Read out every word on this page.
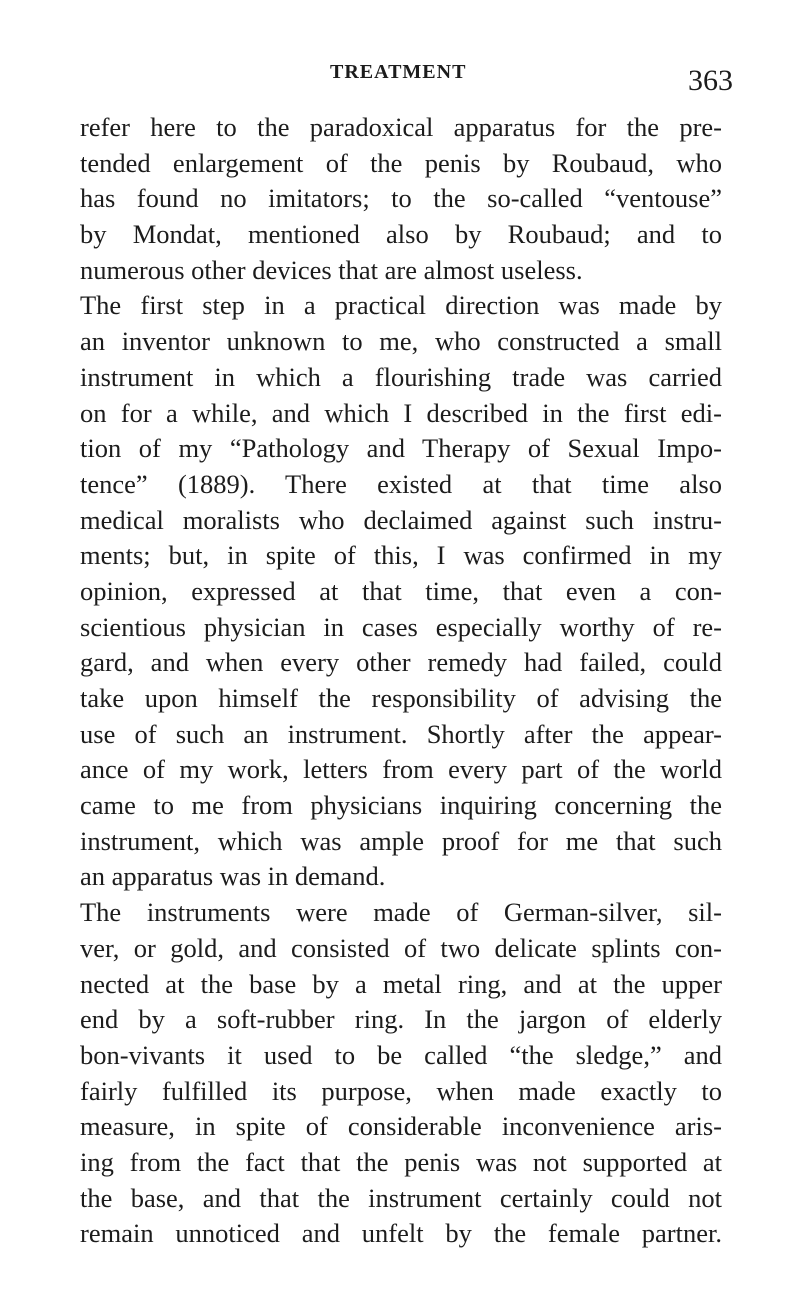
TREATMENT	363
refer here to the paradoxical apparatus for the pre-
tended enlargement of the penis by Roubaud, who
has found no imitators; to the so-called “ventouse”
by Mondat, mentioned also by Roubaud; and to
numerous other devices that are almost useless.
The first step in a practical direction was made by
an inventor unknown to me, who constructed a small
instrument in which a flourishing trade was carried
on for a while, and which I described in the first edi-
tion of my “Pathology and Therapy of Sexual Impo-
tence” (1889). There existed at that time also
medical moralists who declaimed against such instru-
ments; but, in spite of this, I was confirmed in my
opinion, expressed at that time, that even a con-
scientious physician in cases especially worthy of re-
gard, and when every other remedy had failed, could
take upon himself the responsibility of advising the
use of such an instrument. Shortly after the appear-
ance of my work, letters from every part of the world
came to me from physicians inquiring concerning the
instrument, which was ample proof for me that such
an apparatus was in demand.
The instruments were made of German-silver, sil-
ver, or gold, and consisted of two delicate splints con-
nected at the base by a metal ring, and at the upper
end by a soft-rubber ring. In the jargon of elderly
bon-vivants it used to be called “the sledge,” and
fairly fulfilled its purpose, when made exactly to
measure, in spite of considerable inconvenience aris-
ing from the fact that the penis was not supported at
the base, and that the instrument certainly could not
remain unnoticed and unfelt by the female partner.
